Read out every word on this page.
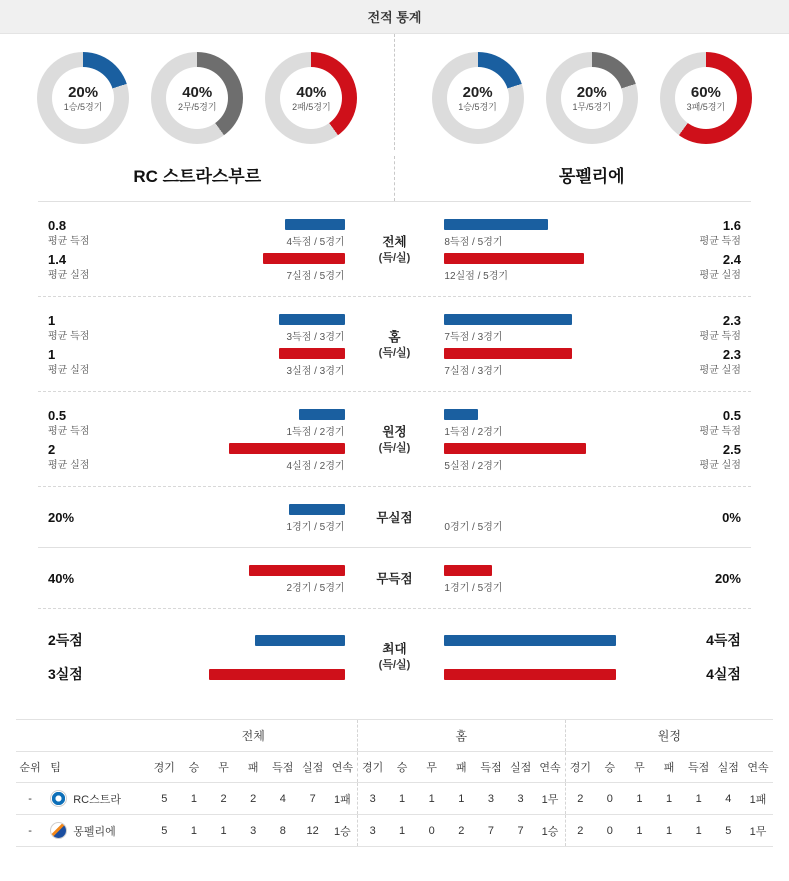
전적 통계
20%
1승/5경기
40%
2무/5경기
40%
2패/5경기
20%
1승/5경기
20%
1무/5경기
60%
3패/5경기
RC 스트라스부르	몽펠리에
0.8
평균 득점	4득점 / 5경기	전체
(득/실)
8득점 / 5경기
1.6
평균 득점
1.4
평균 실점	7실점 / 5경기	12실점 / 5경기
2.4
평균 실점
1
평균 득점	3득점 / 3경기	홈
(득/실)
7득점 / 3경기
2.3
평균 득점
1
평균 실점	3실점 / 3경기	7실점 / 3경기
2.3
평균 실점
0.5
평균 득점	1득점 / 2경기	원정
(득/실)
1득점 / 2경기
0.5
평균 득점
2
평균 실점	4실점 / 2경기	5실점 / 2경기
2.5
평균 실점
20%
1경기 / 5경기
무실점
0경기 / 5경기
0%
40%
2경기 / 5경기
무득점
1경기 / 5경기
20%
2득점
최대
(득/실)
4득점
3실점	4실점
		전체							홈							원정						
순위	팀	경기	승	무	패	득점	실점	연속	경기	승	무	패	득점	실점	연속	경기	승	무	패	득점	실점	연속
-	RC스트라	5	1	2	2	4	7	1패	3	1	1	1	3	3	1무	2	0	1	1	1	4	1패
-	몽펠리에	5	1	1	3	8	12	1승	3	1	0	2	7	7	1승	2	0	1	1	1	5	1무
